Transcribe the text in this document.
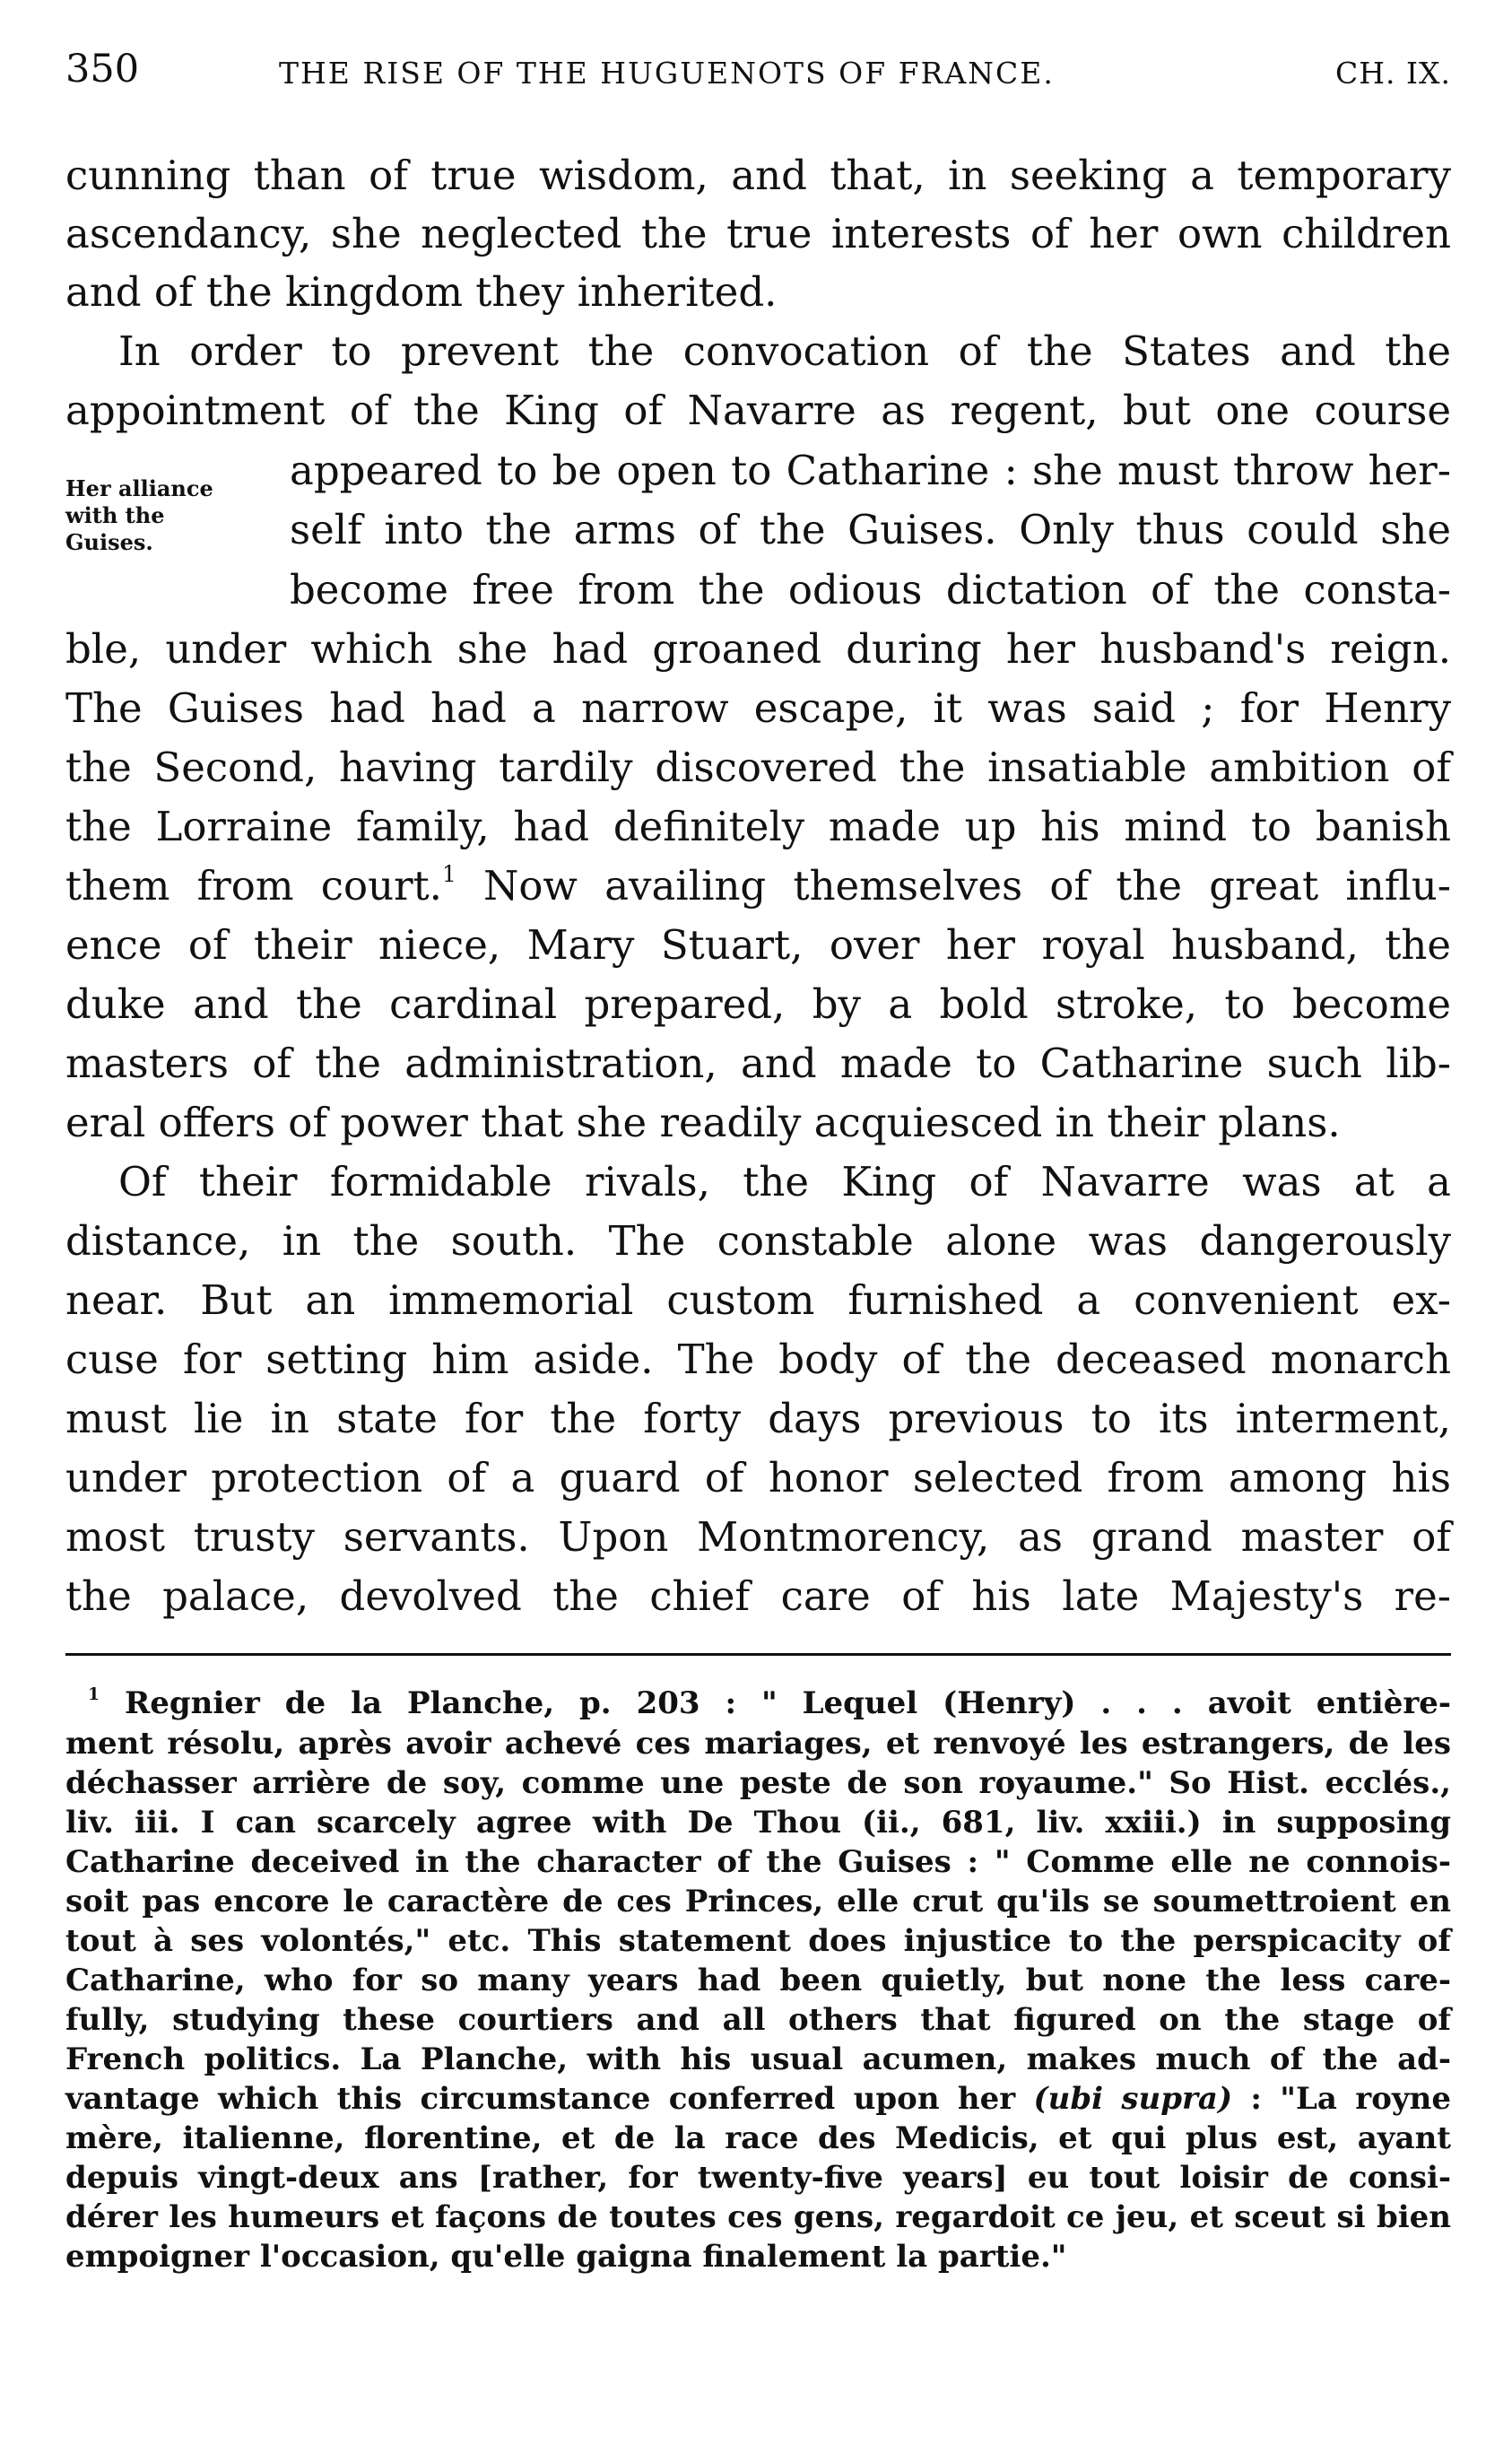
350	THE RISE OF THE HUGUENOTS OF FRANCE.	CH. IX.
cunning than of true wisdom, and that, in seeking a temporary
ascendancy, she neglected the true interests of her own children
and of the kingdom they inherited.
In order to prevent the convocation of the States and the
appointment of the King of Navarre as regent, but one course
appeared to be open to Catharine : she must throw her-
self into the arms of the Guises. Only thus could she
become free from the odious dictation of the consta-
ble, under which she had groaned during her husband's reign.
The Guises had had a narrow escape, it was said ; for Henry
the Second, having tardily discovered the insatiable ambition of
the Lorraine family, had definitely made up his mind to banish
them from court.$^1$ Now availing themselves of the great influ-
ence of their niece, Mary Stuart, over her royal husband, the
duke and the cardinal prepared, by a bold stroke, to become
masters of the administration, and made to Catharine such lib-
eral offers of power that she readily acquiesced in their plans.
Of their formidable rivals, the King of Navarre was at a
distance, in the south. The constable alone was dangerously
near. But an immemorial custom furnished a convenient ex-
cuse for setting him aside. The body of the deceased monarch
must lie in state for the forty days previous to its interment,
under protection of a guard of honor selected from among his
most trusty servants. Upon Montmorency, as grand master of
the palace, devolved the chief care of his late Majesty's re-
Her alliance
with the
Guises.
$^1$ Regnier de la Planche, p. 203 : " Lequel (Henry) . . . avoit entière-
ment résolu, après avoir achevé ces mariages, et renvoyé les estrangers, de les
déchasser arrière de soy, comme une peste de son royaume." So Hist. ecclés.,
liv. iii. I can scarcely agree with De Thou (ii., 681, liv. xxiii.) in supposing
Catharine deceived in the character of the Guises : " Comme elle ne connois-
soit pas encore le caractère de ces Princes, elle crut qu'ils se soumettroient en
tout à ses volontés," etc. This statement does injustice to the perspicacity of
Catharine, who for so many years had been quietly, but none the less care-
fully, studying these courtiers and all others that figured on the stage of
French politics. La Planche, with his usual acumen, makes much of the ad-
vantage which this circumstance conferred upon her (ubi supra) : "La royne
mère, italienne, florentine, et de la race des Medicis, et qui plus est, ayant
depuis vingt-deux ans [rather, for twenty-five years] eu tout loisir de consi-
dérer les humeurs et façons de toutes ces gens, regardoit ce jeu, et sceut si bien
empoigner l'occasion, qu'elle gaigna finalement la partie."
